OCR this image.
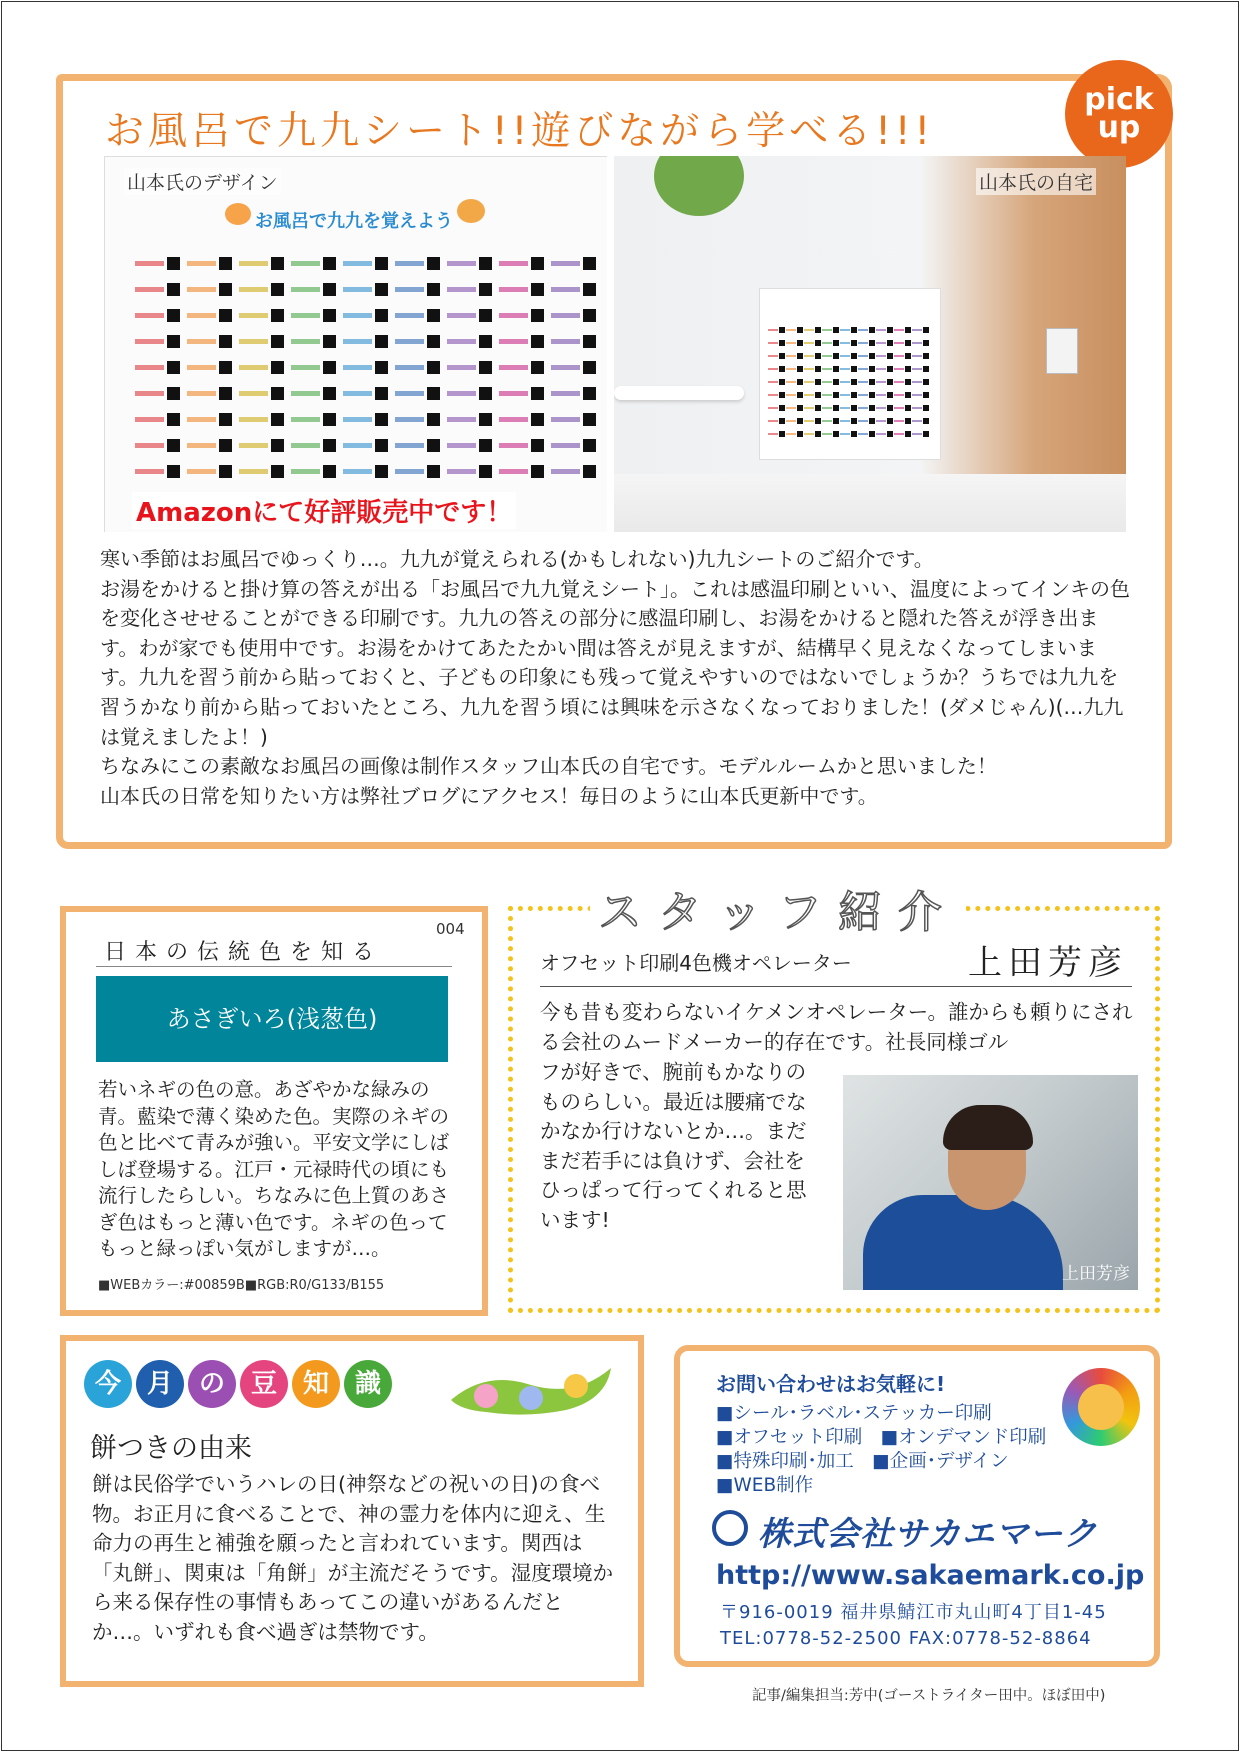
pick
up
お風呂で九九シート!!遊びながら学べる!!!
お風呂で九九を覚えよう
山本氏のデザイン	山本氏の自宅
Amazonにて好評販売中です！

寒い季節はお風呂でゆっくり…。九九が覚えられる(かもしれない)九九シートのご紹介です。

お湯をかけると掛け算の答えが出る「お風呂で九九覚えシート」。これは感温印刷といい、温度によってインキの色を変化させせることができる印刷です。九九の答えの部分に感温印刷し、お湯をかけると隠れた答えが浮き出ます。わが家でも使用中です。お湯をかけてあたたかい間は答えが見えますが、結構早く見えなくなってしまいます。九九を習う前から貼っておくと、子どもの印象にも残って覚えやすいのではないでしょうか？うちでは九九を習うかなり前から貼っておいたところ、九九を習う頃には興味を示さなくなっておりました！(ダメじゃん)(…九九は覚えましたよ！)

ちなみにこの素敵なお風呂の画像は制作スタッフ山本氏の自宅です。モデルルームかと思いました！

山本氏の日常を知りたい方は弊社ブログにアクセス！毎日のように山本氏更新中です。

日本の伝統色を知る
004
あさぎいろ(浅葱色)

若いネギの色の意。あざやかな緑みの青。藍染で薄く染めた色。実際のネギの色と比べて青みが強い。平安文学にしばしば登場する。江戸・元禄時代の頃にも流行したらしい。ちなみに色上質のあさぎ色はもっと薄い色です。ネギの色ってもっと緑っぽい気がしますが…。

■WEBカラー:#00859B■RGB:R0/G133/B155
スタッフ紹介
オフセット印刷4色機オペレーター	上田芳彦

今も昔も変わらないイケメンオペレーター。誰からも頼りにされる会社のムードメーカー的存在です。社長同様ゴル

フが好きで、腕前もかなりのものらしい。最近は腰痛でなかなか行けないとか…。まだまだ若手には負けず、会社をひっぱって行ってくれると思います!

上田芳彦
今 月 の 豆 知 識
餅つきの由来

餅は民俗学でいうハレの日(神祭などの祝いの日)の食べ物。お正月に食べることで、神の霊力を体内に迎え、生命力の再生と補強を願ったと言われています。関西は「丸餅」、関東は「角餅」が主流だそうです。湿度環境から来る保存性の事情もあってこの違いがあるんだとか…。いずれも食べ過ぎは禁物です。

お問い合わせはお気軽に!

■シール･ラベル･ステッカー印刷

■オフセット印刷　■オンデマンド印刷

■特殊印刷･加工　■企画･デザイン

■WEB制作

株式会社サカエマーク
http://www.sakaemark.co.jp

〒916-0019 福井県鯖江市丸山町4丁目1-45

TEL:0778-52-2500 FAX:0778-52-8864

記事/編集担当:芳中(ゴーストライター田中。ほぼ田中)
